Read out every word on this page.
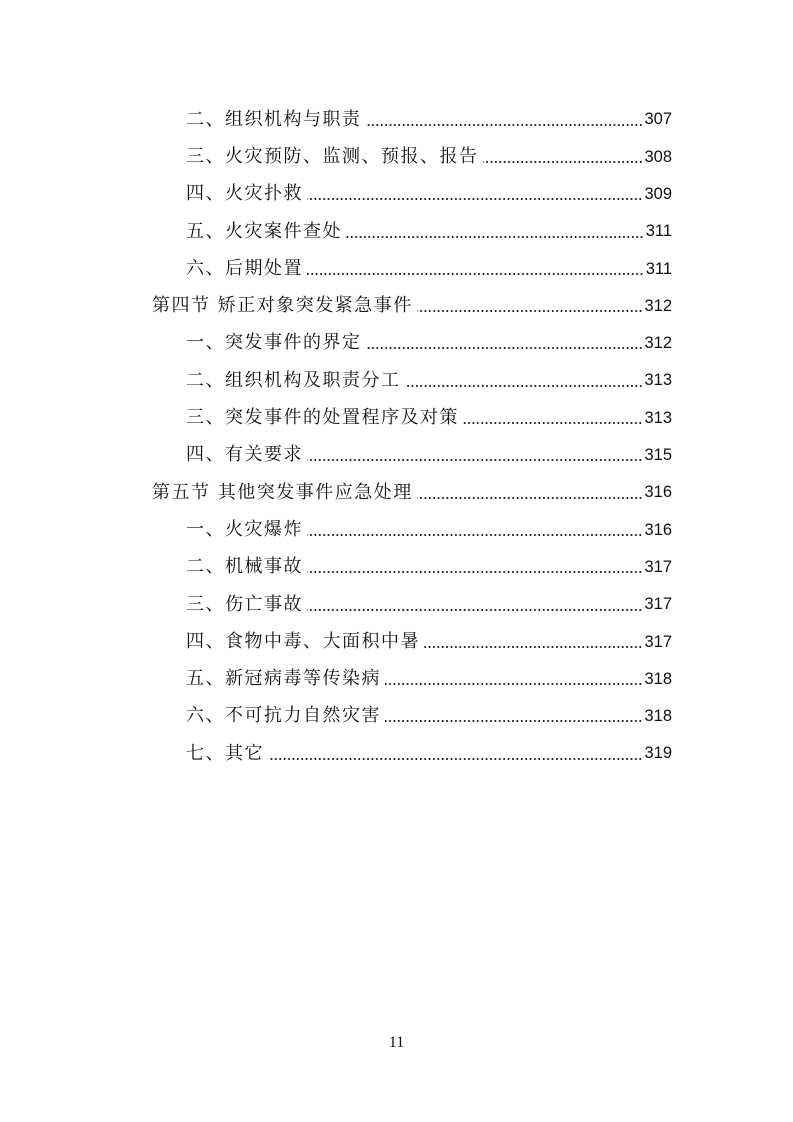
二、组织机构与职责	307
三、火灾预防、监测、预报、报告	308
四、火灾扑救	309
五、火灾案件查处	311
六、后期处置	311
第四节 矫正对象突发紧急事件	312
一、突发事件的界定	312
二、组织机构及职责分工	313
三、突发事件的处置程序及对策	313
四、有关要求	315
第五节 其他突发事件应急处理	316
一、火灾爆炸	316
二、机械事故	317
三、伤亡事故	317
四、食物中毒、大面积中暑	317
五、新冠病毒等传染病	318
六、不可抗力自然灾害	318
七、其它	319
11
